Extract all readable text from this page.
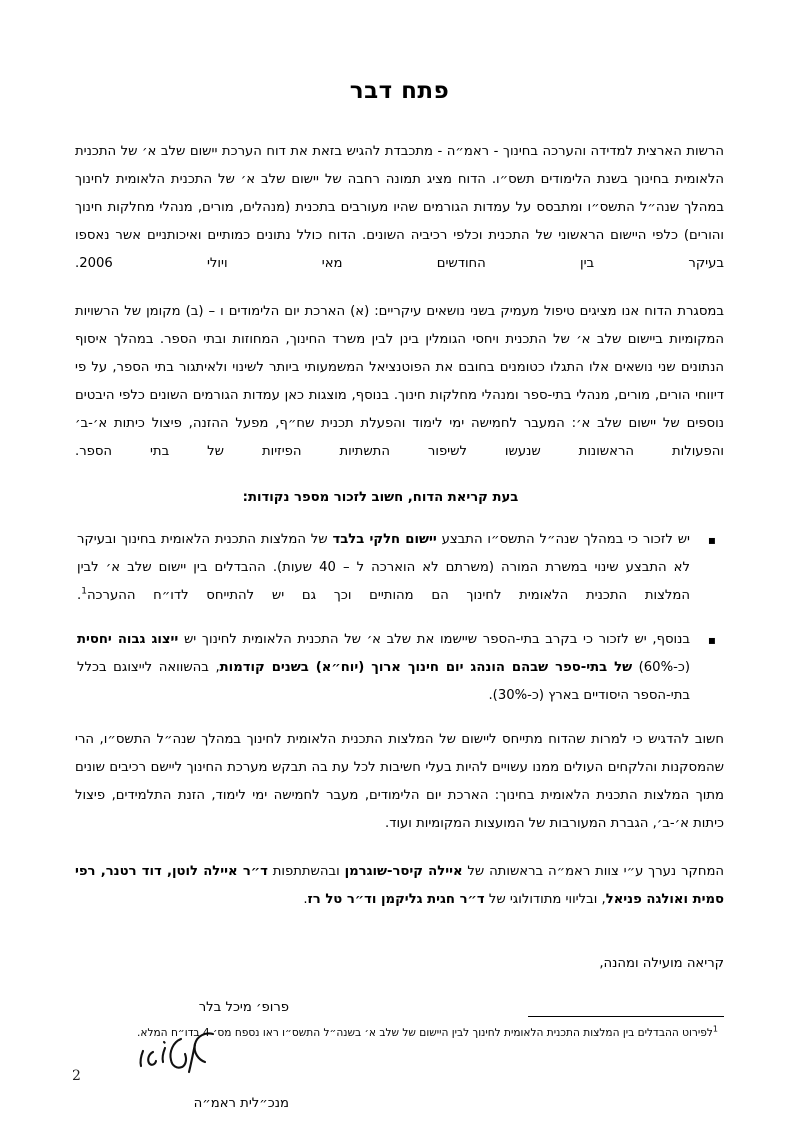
פתח דבר

הרשות הארצית למדידה והערכה בחינוך - ראמ״ה - מתכבדת להגיש בזאת את דוח הערכת יישום שלב א׳ של התכנית הלאומית בחינוך בשנת הלימודים תשס״ו. הדוח מציג תמונה רחבה של יישום שלב א׳ של התכנית הלאומית לחינוך במהלך שנה״ל התשס״ו ומתבסס על עמדות הגורמים שהיו מעורבים בתכנית (מנהלים, מורים, מנהלי מחלקות חינוך והורים) כלפי היישום הראשוני של התכנית וכלפי רכיביה השונים. הדוח כולל נתונים כמותיים ואיכותניים אשר נאספו בעיקר בין החודשים מאי ויולי 2006.

במסגרת הדוח אנו מציגים טיפול מעמיק בשני נושאים עיקריים: (א) הארכת יום הלימודים ו – (ב) מקומן של הרשויות המקומיות ביישום שלב א׳ של התכנית ויחסי הגומלין בינן לבין משרד החינוך, המחוזות ובתי הספר. במהלך איסוף הנתונים שני נושאים אלו התגלו כטומנים בחובם את הפוטנציאל המשמעותי ביותר לשינוי ולאיתגור בתי הספר, על פי דיווחי הורים, מורים, מנהלי בתי-ספר ומנהלי מחלקות חינוך. בנוסף, מוצגות כאן עמדות הגורמים השונים כלפי היבטים נוספים של יישום שלב א׳: המעבר לחמישה ימי לימוד והפעלת תכנית שח״ף, מפעל ההזנה, פיצול כיתות א׳-ב׳ והפעולות הראשונות שנעשו לשיפור התשתיות הפיזיות של בתי הספר.

בעת קריאת הדוח, חשוב לזכור מספר נקודות:

▪ יש לזכור כי במהלך שנה״ל התשס״ו התבצע יישום חלקי בלבד של המלצות התכנית הלאומית בחינוך ובעיקר לא התבצע שינוי במשרת המורה (משרתם לא הוארכה ל – 40 שעות). ההבדלים בין יישום שלב א׳ לבין המלצות התכנית הלאומית לחינוך הם מהותיים וכך גם יש להתייחס לדו״ח ההערכה$^1$.
▪ בנוסף, יש לזכור כי בקרב בתי-הספר שיישמו את שלב א׳ של התכנית הלאומית לחינוך יש ייצוג גבוה יחסית (כ-60%) של בתי-ספר שבהם הונהג יום חינוך ארוך (יוח״א) בשנים קודמות, בהשוואה לייצוגם בכלל בתי-הספר היסודיים בארץ (כ-30%).

חשוב להדגיש כי למרות שהדוח מתייחס ליישום של המלצות התכנית הלאומית לחינוך במהלך שנה״ל התשס״ו, הרי שהמסקנות והלקחים העולים ממנו עשויים להיות בעלי חשיבות לכל עת בה תבקש מערכת החינוך ליישם רכיבים שונים מתוך המלצות התכנית הלאומית בחינוך: הארכת יום הלימודים, מעבר לחמישה ימי לימוד, הזנת התלמידים, פיצול כיתות א׳-ב׳, הגברת המעורבות של המועצות המקומיות ועוד.

המחקר נערך ע״י צוות ראמ״ה בראשותה של איילה קיסר-שוגרמן ובהשתתפות ד״ר איילה לוטן, דוד רטנר, רפי סמית ואולגה פניאל, ובליווי מתודולוגי של ד״ר חגית גליקמן וד״ר טל רז.

קריאה מועילה ומהנה,

פרופ׳ מיכל בלר

מנכ״לית ראמ״ה

$^1$לפירוט ההבדלים בין המלצות התכנית הלאומית לחינוך לבין היישום של שלב א׳ בשנה״ל התשס״ו ראו נספח מס׳ 4 בדו״ח המלא.

2
